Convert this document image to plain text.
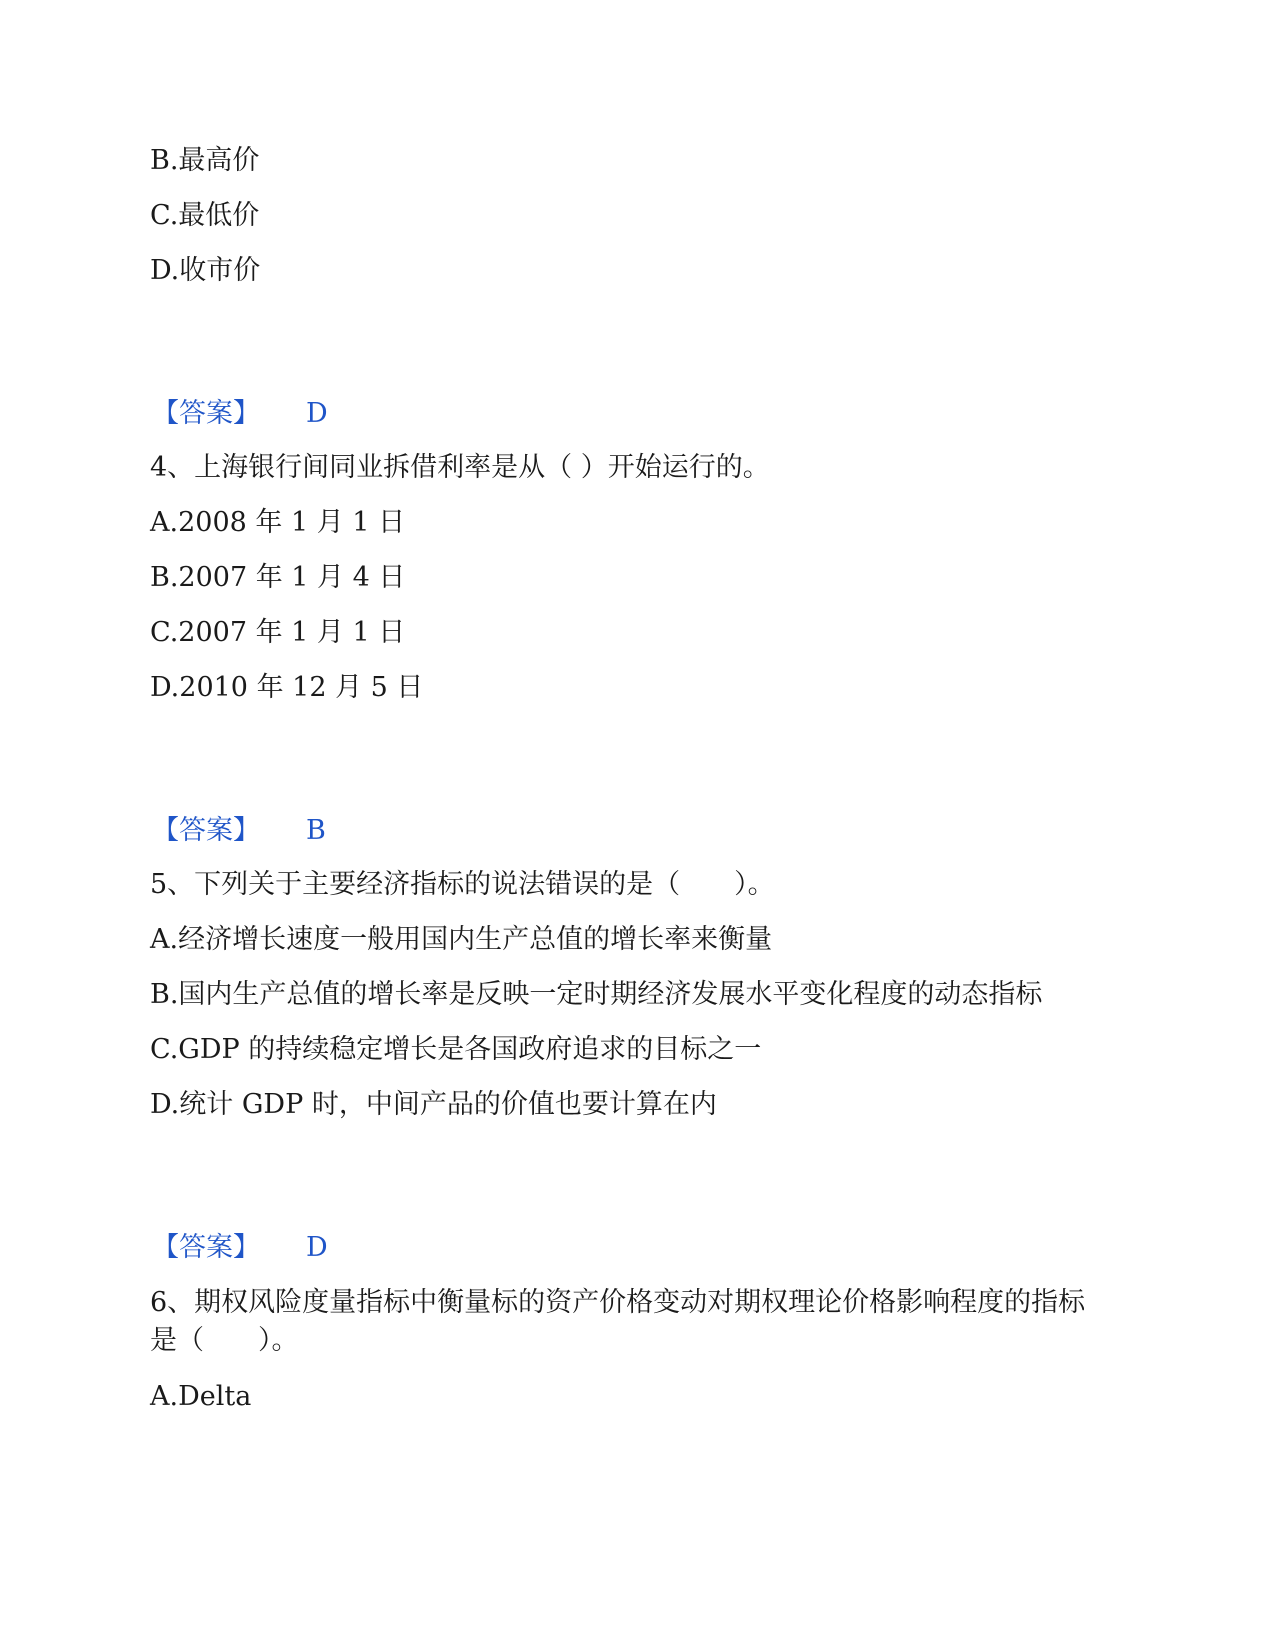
B.最高价
C.最低价
D.收市价
【答案】 D
4、上海银行间同业拆借利率是从（ ）开始运行的。
A.2008 年 1 月 1 日
B.2007 年 1 月 4 日
C.2007 年 1 月 1 日
D.2010 年 12 月 5 日
【答案】 B
5、下列关于主要经济指标的说法错误的是（　　）。
A.经济增长速度一般用国内生产总值的增长率来衡量
B.国内生产总值的增长率是反映一定时期经济发展水平变化程度的动态指标
C.GDP 的持续稳定增长是各国政府追求的目标之一
D.统计 GDP 时，中间产品的价值也要计算在内
【答案】 D
6、期权风险度量指标中衡量标的资产价格变动对期权理论价格影响程度的指标是（　　）。
A.Delta
